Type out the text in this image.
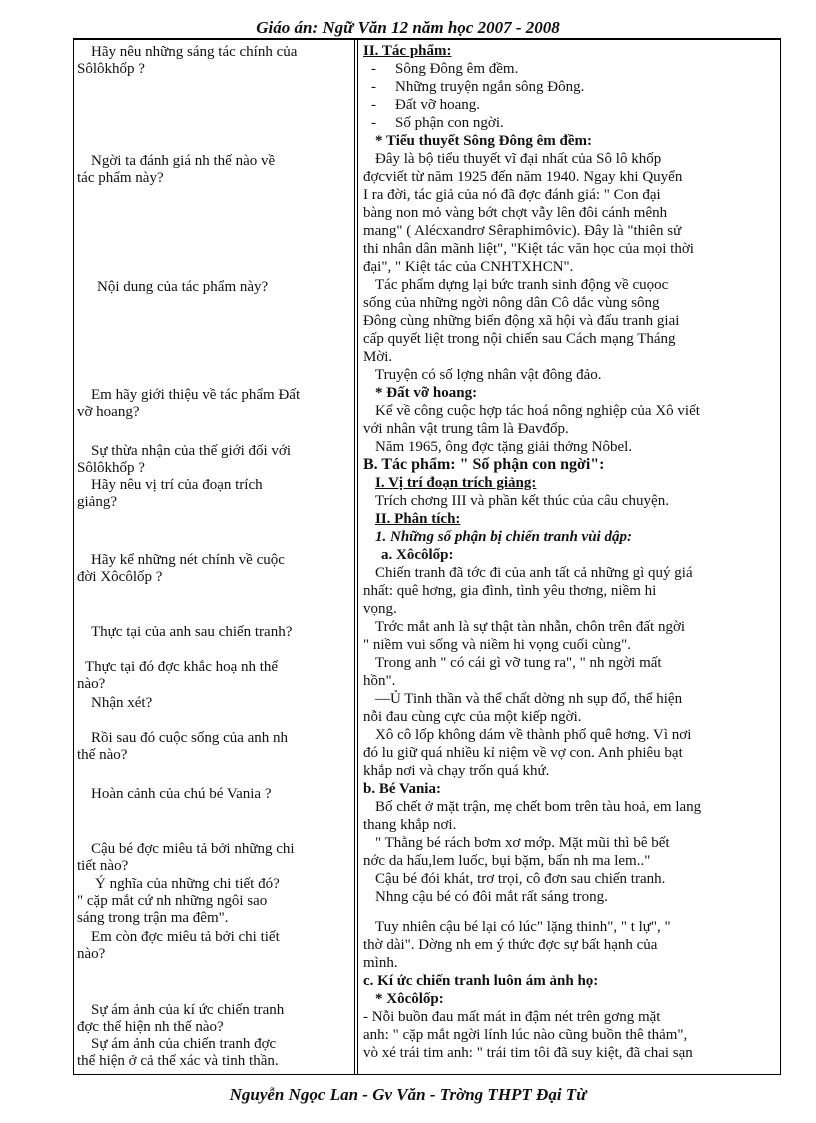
Giáo án: Ngữ Văn 12 năm học 2007 - 2008
Hãy nêu những sáng tác chính của
Sôlôkhốp ?
Ngời ta đánh giá nh thế nào về
tác phẩm này?
Nội dung của tác phẩm này?
Em hãy giới thiệu về tác phẩm Đất
vỡ hoang?
Sự thừa nhận của thế giới đối với
Sôlôkhốp ?
Hãy nêu vị trí của đoạn trích
giảng?
Hãy kể những nét chính về cuộc
đời Xôcôlốp ?
Thực tại của anh sau chiến tranh?
Thực tại đó đợc khắc hoạ nh thế
nào?
Nhận xét?
Rồi sau đó cuộc sống của anh nh
thế nào?
Hoàn cảnh của chú bé Vania ?
Cậu bé đợc miêu tả bởi những chi
tiết nào?
Ý nghĩa của những chi tiết đó?
" cặp mắt cứ nh những ngôi sao
sáng trong trận ma đêm".
Em còn đợc miêu tả bởi chi tiết
nào?
Sự ám ảnh của kí ức chiến tranh
đợc thể hiện nh thế nào?
Sự ám ảnh của chiến tranh đợc
thể hiện ở cả thể xác và tinh thần.
II. Tác phẩm:
- Sông Đông êm đềm.
- Những truyện ngắn sông Đông.
- Đất vỡ hoang.
- Số phận con ngời.
* Tiểu thuyết Sông Đông êm đềm:
Đây là bộ tiểu thuyết vĩ đại nhất của Sô lô khốp
đợcviết từ năm 1925 đến năm 1940. Ngay khi Quyển
I ra đời, tác giả của nó đã đợc đánh giá: " Con đại
bàng non mỏ vàng bớt chợt vẫy lên đôi cánh mênh
mang" ( Alécxandrơ Sêraphimôvic). Đây là "thiên sử
thi nhân dân mãnh liệt", "Kiệt tác văn học của mọi thời
đại", " Kiệt tác của CNHTXHCN".
Tác phẩm dựng lại bức tranh sinh động về cuọoc
sống của những ngời nông dân Cô dắc vùng sông
Đông cùng những biến động xã hội và đấu tranh giai
cấp quyết liệt trong nội chiến sau Cách mạng Tháng
Mời.
Truyện có số lợng nhân vật đông đảo.
* Đất vỡ hoang:
Kể về công cuộc hợp tác hoá nông nghiệp của Xô viết
với nhân vật trung tâm là Đavđốp.
Năm 1965, ông đợc tặng giải thởng Nôbel.
B. Tác phẩm: " Số phận con ngời":
I. Vị trí đoạn trích giảng:
Trích chơng III và phần kết thúc của câu chuyện.
II. Phân tích:
1. Những số phận bị chiến tranh vùi dập:
a. Xôcôlốp:
Chiến tranh đã tớc đi của anh tất cả những gì quý giá
nhất: quê hơng, gia đình, tình yêu thơng, niềm hi
vọng.
Trớc mắt anh là sự thật tàn nhẫn, chôn trên đất ngời
" niềm vui sống và niềm hi vọng cuối cùng".
Trong anh " có cái gì vỡ tung ra", " nh ngời mất
hồn".
—Ủ Tinh thần và thể chất dờng nh sụp đổ, thể hiện
nỗi đau cùng cực của một kiếp ngời.
Xô cô lốp không dám về thành phố quê hơng. Vì nơi
đó lu giữ quá nhiều kỉ niệm về vợ con. Anh phiêu bạt
khắp nơi và chạy trốn quá khứ.
b. Bé Vania:
Bố chết ở mặt trận, mẹ chết bom trên tàu hoả, em lang
thang khắp nơi.
" Thằng bé rách bơm xơ mớp. Mặt mũi thì bê bết
nớc da hấu,lem luốc, bụi bặm, bẩn nh ma lem.."
Cậu bé đói khát, trơ trọi, cô đơn sau chiến tranh.
Nhng cậu bé có đôi mắt rất sáng trong.
Tuy nhiên cậu bé lại có lúc" lặng thinh", " t lự", "
thờ dài". Dờng nh em ý thức đợc sự bất hạnh của
mình.
c. Kí ức chiến tranh luôn ám ảnh họ:
* Xôcôlốp:
- Nỗi buồn đau mất mát in đậm nét trên gơng mặt
anh: " cặp mắt ngời lính lúc nào cũng buồn thê thảm",
vò xé trái tim anh: " trái tim tôi đã suy kiệt, đã chai sạn
Nguyễn Ngọc Lan - Gv Văn - Trờng THPT Đại Từ
